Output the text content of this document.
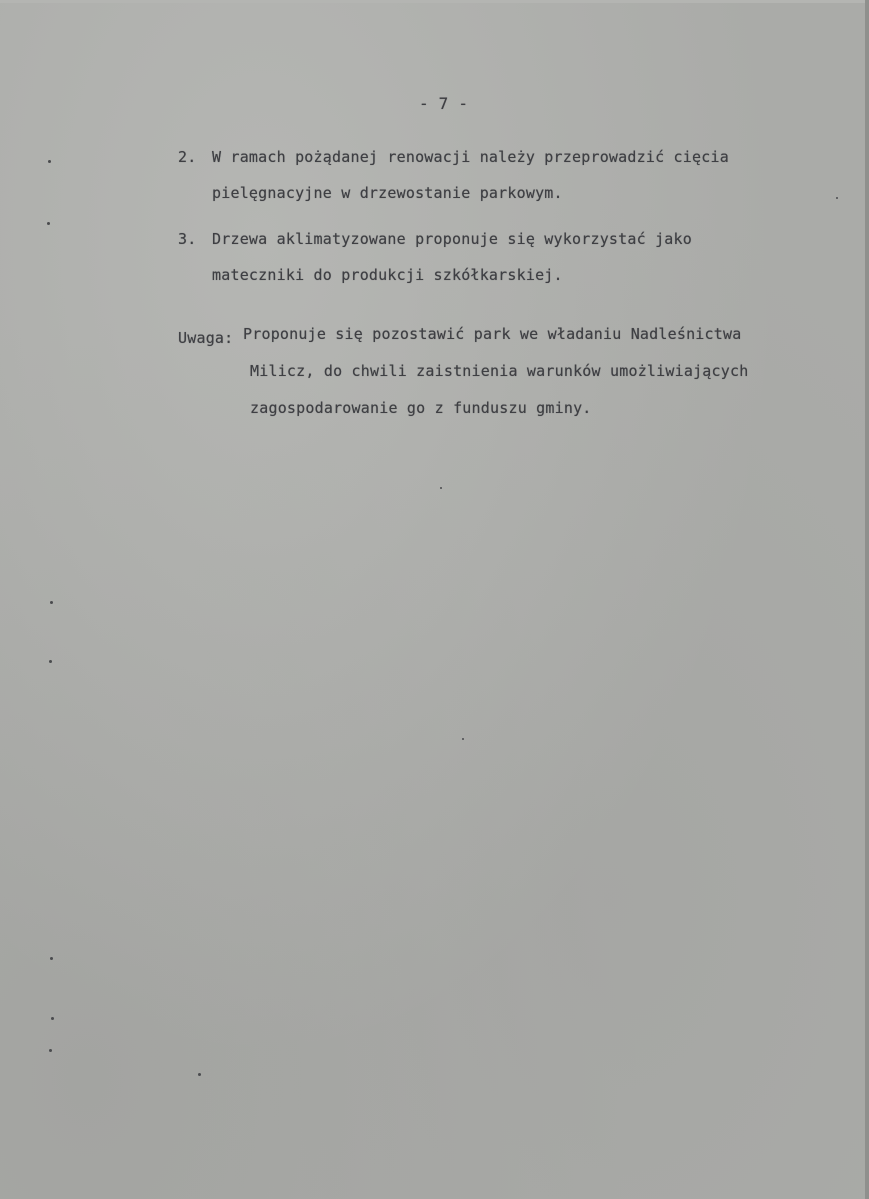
- 7 -
2. W ramach pożądanej renowacji należy przeprowadzić cięcia
pielęgnacyjne w drzewostanie parkowym.
3. Drzewa aklimatyzowane proponuje się wykorzystać jako
mateczniki do produkcji szkółkarskiej.
Uwaga: Proponuje się pozostawić park we władaniu Nadleśnictwa
Milicz, do chwili zaistnienia warunków umożliwiających
zagospodarowanie go z funduszu gminy.
